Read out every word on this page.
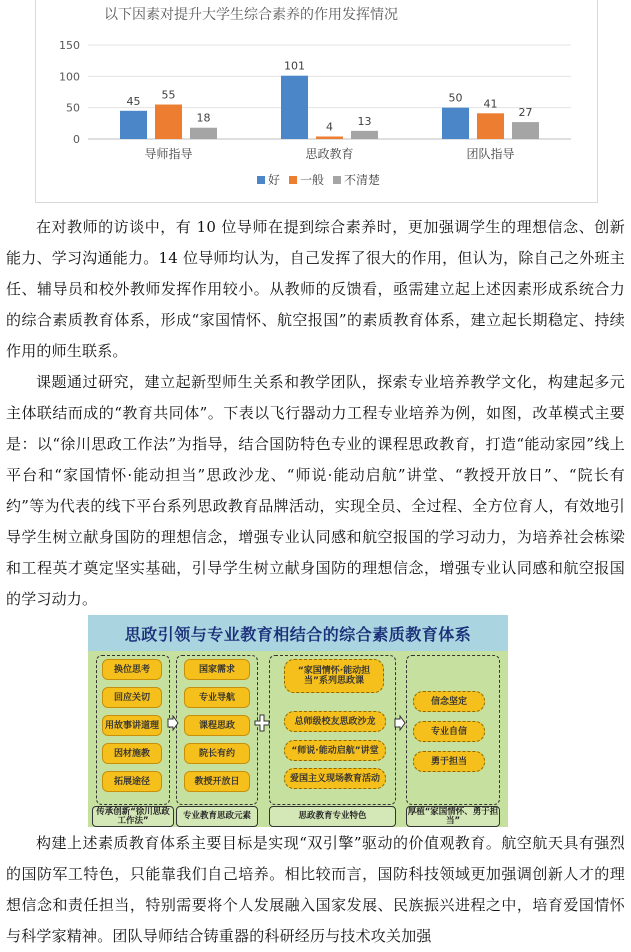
以下因素对提升大学生综合素养的作用发挥情况
0
50
100
150
45 55
18
导师指导
101
4 13
思政教育
50 41
27
团队指导
好 一般 不清楚

在对教师的访谈中，有 10 位导师在提到综合素养时，更加强调学生的理想信念、创新能力、学习沟通能力。14 位导师均认为，自己发挥了很大的作用，但认为，除自己之外班主任、辅导员和校外教师发挥作用较小。从教师的反馈看，亟需建立起上述因素形成系统合力的综合素质教育体系，形成“家国情怀、航空报国”的素质教育体系，建立起长期稳定、持续作用的师生联系。

课题通过研究，建立起新型师生关系和教学团队，探索专业培养教学文化，构建起多元主体联结而成的“教育共同体”。下表以飞行器动力工程专业培养为例，如图，改革模式主要是：以“徐川思政工作法”为指导，结合国防特色专业的课程思政教育，打造“能动家园”线上平台和“家国情怀·能动担当”思政沙龙、“师说·能动启航”讲堂、“教授开放日”、“院长有约”等为代表的线下平台系列思政教育品牌活动，实现全员、全过程、全方位育人，有效地引导学生树立献身国防的理想信念，增强专业认同感和航空报国的学习动力，为培养社会栋梁和工程英才奠定坚实基础，引导学生树立献身国防的理想信念，增强专业认同感和航空报国的学习动力。

思政引领与专业教育相结合的综合素质教育体系
换位思考
回应关切
用故事讲道理
因材施教
拓展途径
国家需求
专业导航
课程思政
院长有约
教授开放日
“家国情怀·能动担当”系列思政课
总师级校友思政沙龙
“师说·能动启航”讲堂
爱国主义现场教育活动
信念坚定
专业自信
勇于担当
传承创新“徐川思政工作法”	专业教育思政元素	思政教育专业特色	厚植“家国情怀、勇于担当”

构建上述素质教育体系主要目标是实现“双引擎”驱动的价值观教育。航空航天具有强烈的国防军工特色，只能靠我们自己培养。相比较而言，国防科技领域更加强调创新人才的理想信念和责任担当，特别需要将个人发展融入国家发展、民族振兴进程之中，培育爱国情怀与科学家精神。团队导师结合铸重器的科研经历与技术攻关加强
